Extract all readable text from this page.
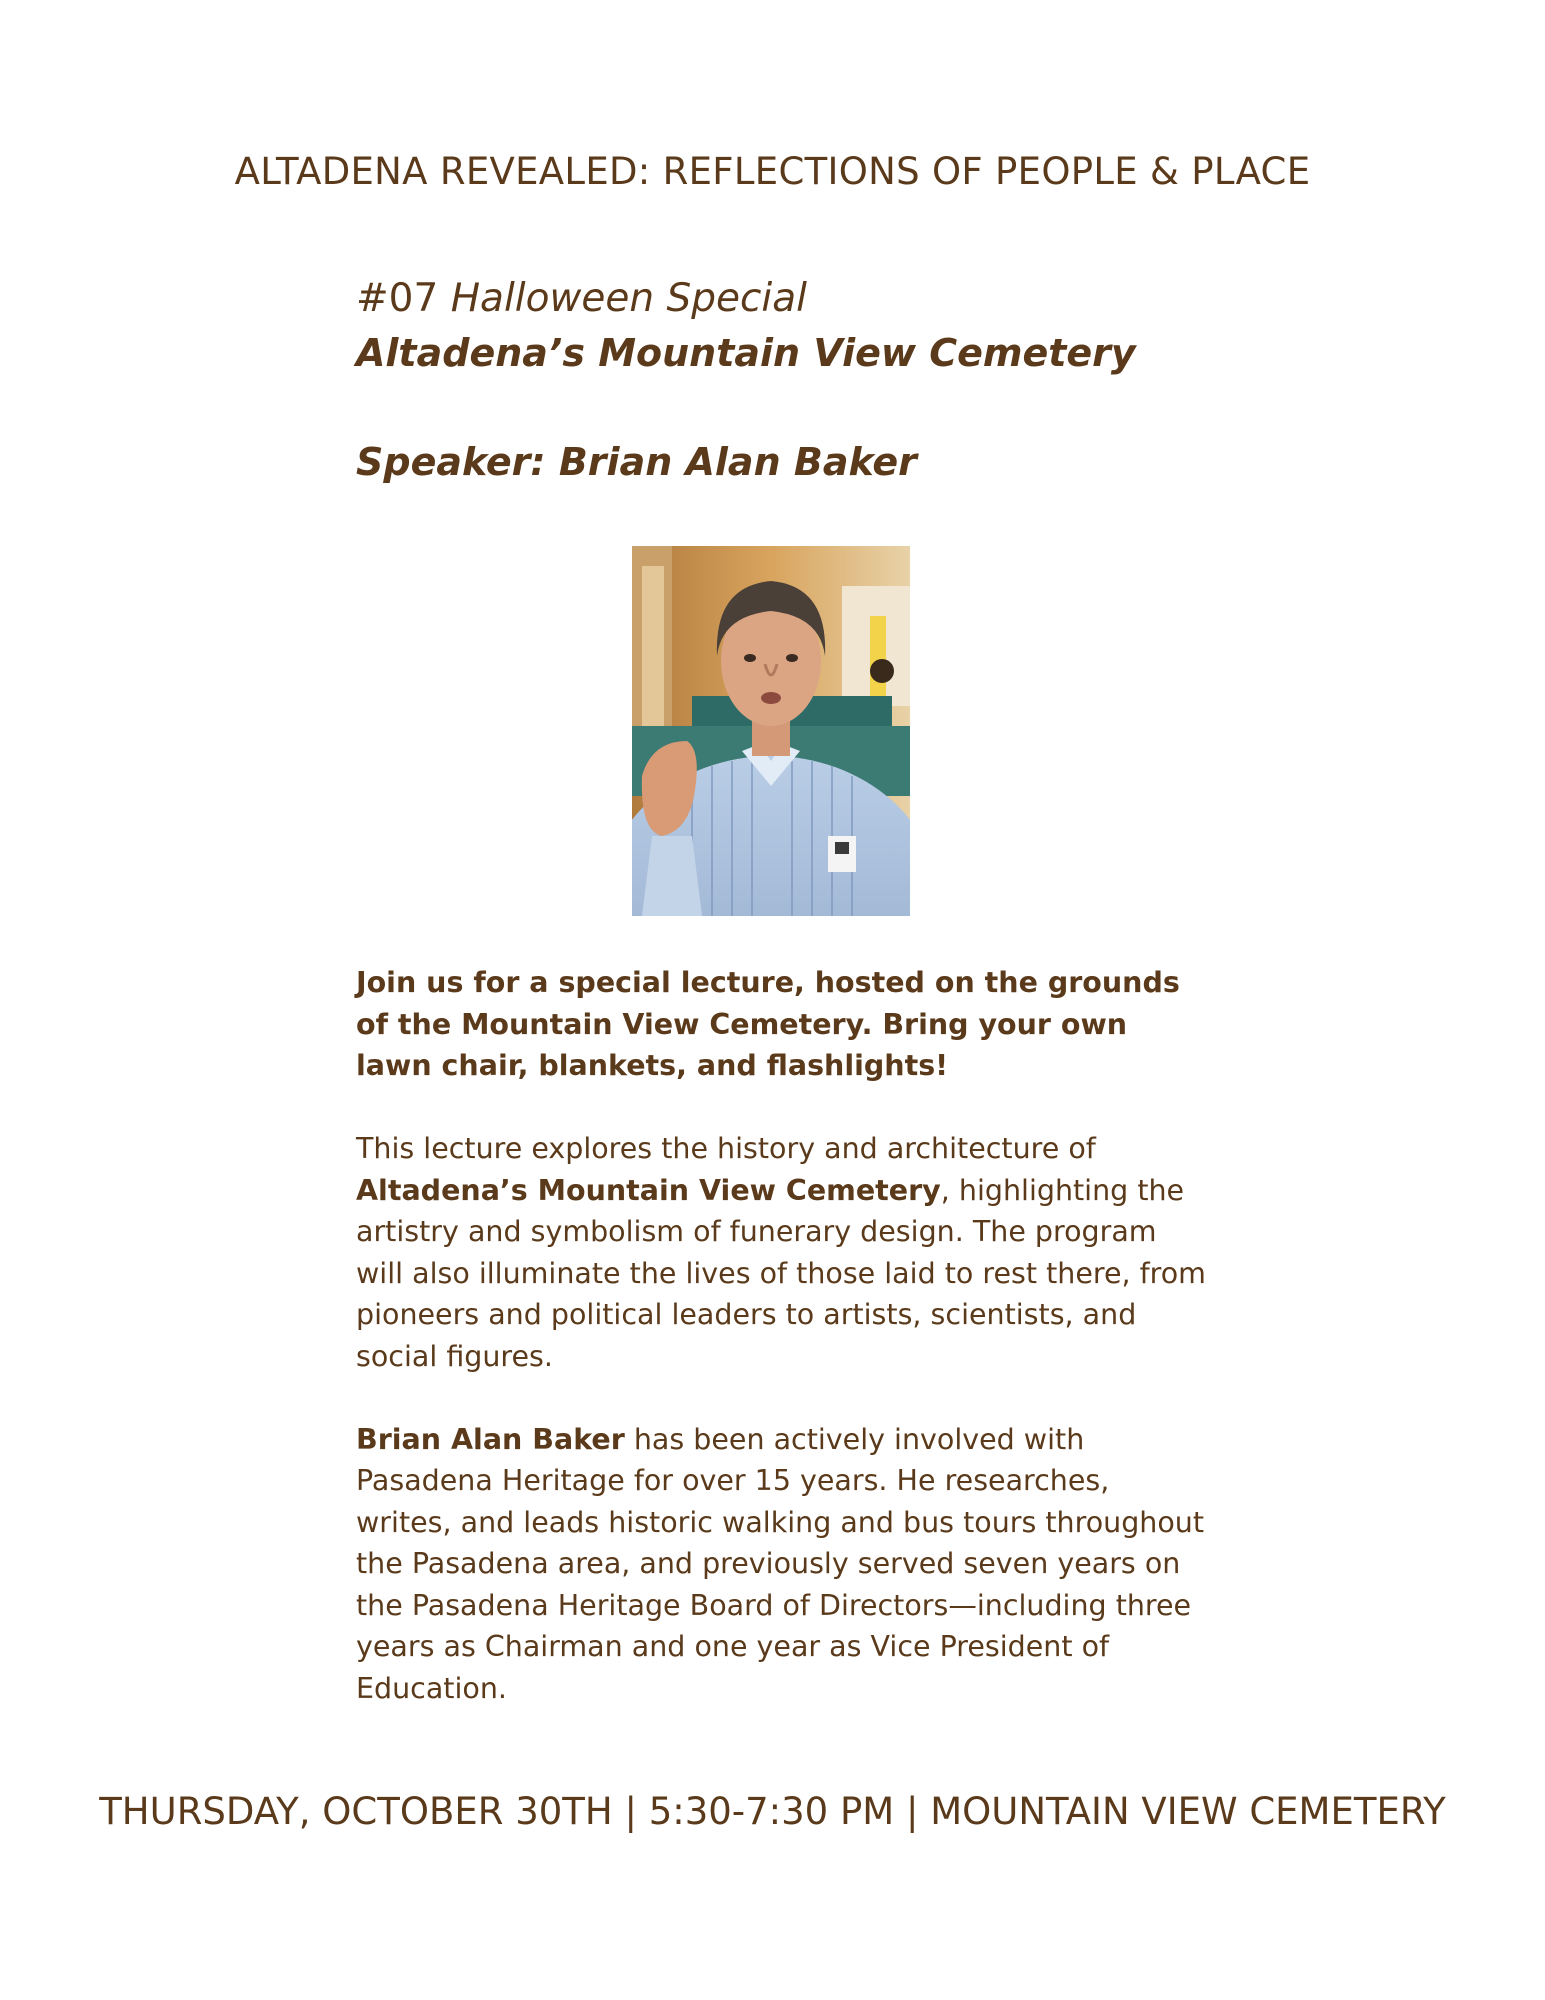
ALTADENA REVEALED: REFLECTIONS OF PEOPLE & PLACE
#07 Halloween Special
Altadena’s Mountain View Cemetery
Speaker: Brian Alan Baker

Join us for a special lecture, hosted on the grounds of the Mountain View Cemetery. Bring your own lawn chair, blankets, and flashlights!

This lecture explores the history and architecture of Altadena’s Mountain View Cemetery, highlighting the artistry and symbolism of funerary design. The program will also illuminate the lives of those laid to rest there, from pioneers and political leaders to artists, scientists, and social figures.

Brian Alan Baker has been actively involved with Pasadena Heritage for over 15 years. He researches, writes, and leads historic walking and bus tours throughout the Pasadena area, and previously served seven years on the Pasadena Heritage Board of Directors—including three years as Chairman and one year as Vice President of Education.

THURSDAY, OCTOBER 30TH | 5:30-7:30 PM | MOUNTAIN VIEW CEMETERY
